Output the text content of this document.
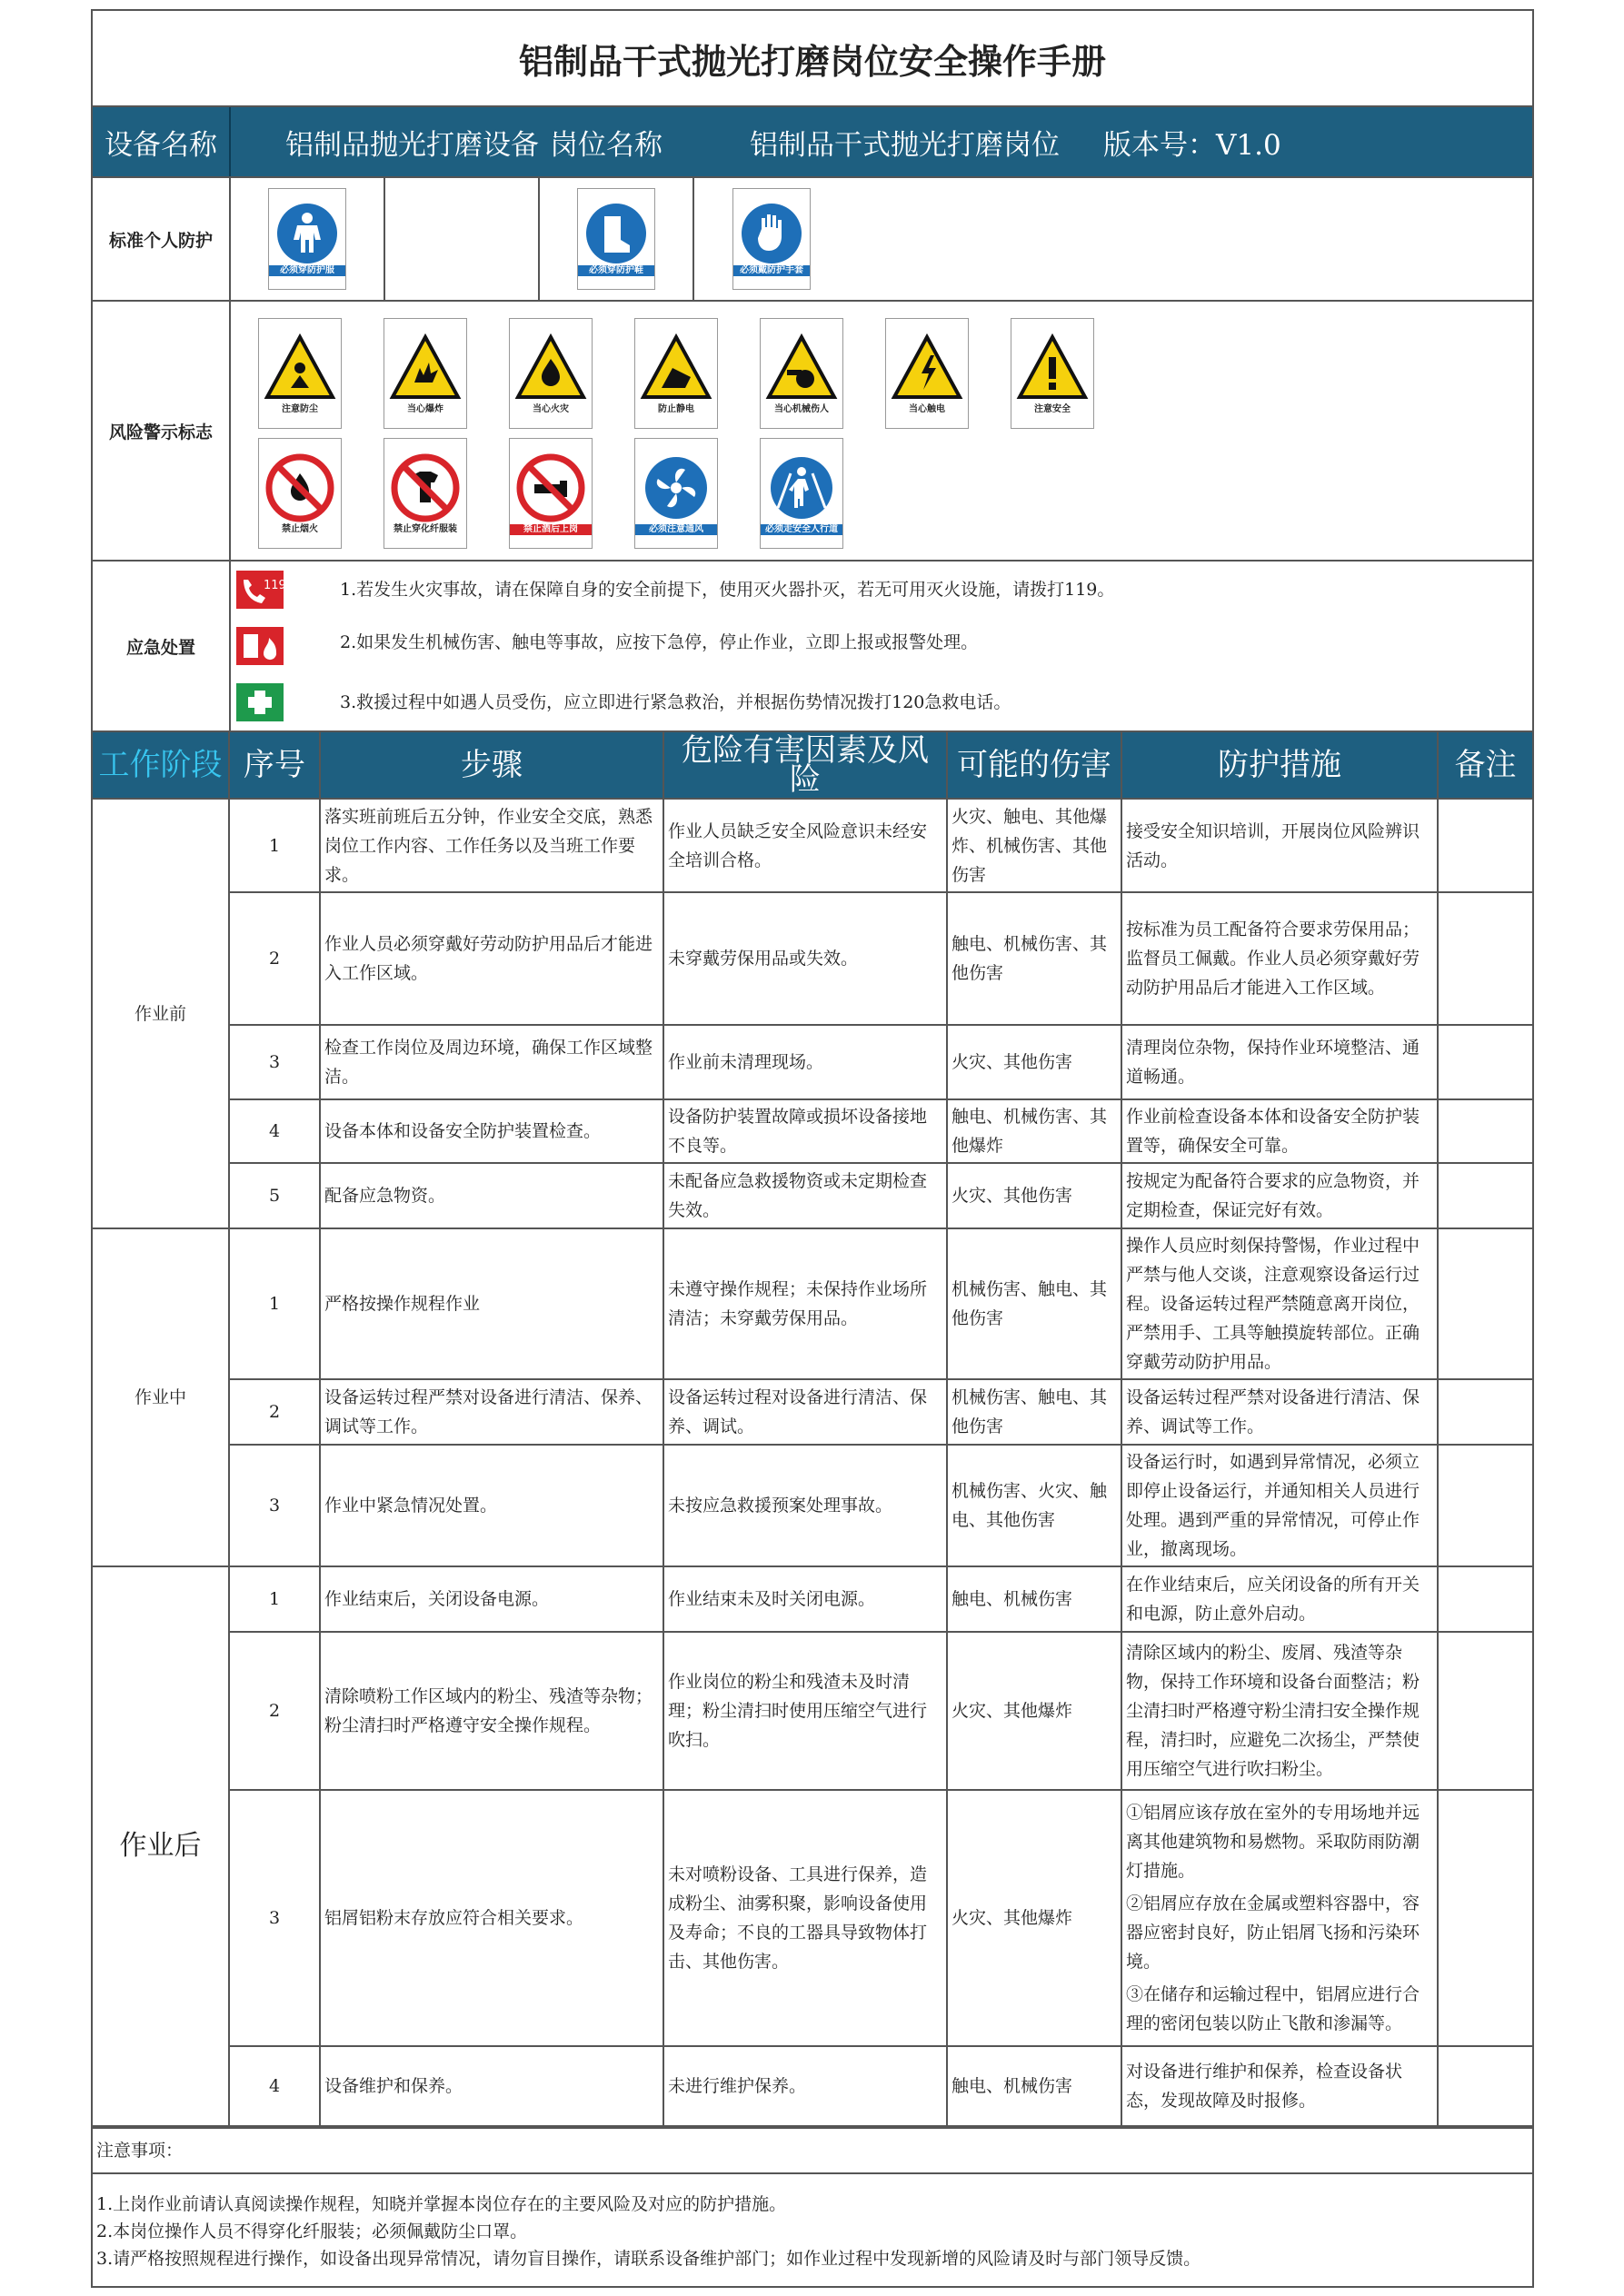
铝制品干式抛光打磨岗位安全操作手册
设备名称	铝制品抛光打磨设备 岗位名称	铝制品干式抛光打磨岗位 版本号：V1.0
标准个人防护
必须穿防护服	必须穿防护鞋	必须戴防护手套
风险警示标志
注意防尘	当心爆炸	当心火灾	防止静电	当心机械伤人	当心触电	注意安全
禁止烟火	禁止穿化纤服装	禁止酒后上岗	必须注意通风	必须走安全人行道
应急处置
119	1.若发生火灾事故，请在保障自身的安全前提下，使用灭火器扑灭，若无可用灭火设施，请拨打119。
2.如果发生机械伤害、触电等事故，应按下急停，停止作业，立即上报或报警处理。
3.救援过程中如遇人员受伤，应立即进行紧急救治，并根据伤势情况拨打120急救电话。
工作阶段	序号	步骤	危险有害因素及风险	可能的伤害	防护措施	备注
作业前	1	落实班前班后五分钟，作业安全交底，熟悉岗位工作内容、工作任务以及当班工作要求。	作业人员缺乏安全风险意识未经安全培训合格。	火灾、触电、其他爆炸、机械伤害、其他伤害	接受安全知识培训，开展岗位风险辨识活动。	
	2	作业人员必须穿戴好劳动防护用品后才能进入工作区域。	未穿戴劳保用品或失效。	触电、机械伤害、其他伤害	按标准为员工配备符合要求劳保用品；监督员工佩戴。作业人员必须穿戴好劳动防护用品后才能进入工作区域。	
	3	检查工作岗位及周边环境，确保工作区域整洁。	作业前未清理现场。	火灾、其他伤害	清理岗位杂物，保持作业环境整洁、通道畅通。	
	4	设备本体和设备安全防护装置检查。	设备防护装置故障或损坏设备接地不良等。	触电、机械伤害、其他爆炸	作业前检查设备本体和设备安全防护装置等，确保安全可靠。	
	5	配备应急物资。	未配备应急救援物资或未定期检查失效。	火灾、其他伤害	按规定为配备符合要求的应急物资，并定期检查，保证完好有效。	
作业中	1	严格按操作规程作业	未遵守操作规程；未保持作业场所清洁；未穿戴劳保用品。	机械伤害、触电、其他伤害	操作人员应时刻保持警惕，作业过程中严禁与他人交谈，注意观察设备运行过程。设备运转过程严禁随意离开岗位，严禁用手、工具等触摸旋转部位。正确穿戴劳动防护用品。	
	2	设备运转过程严禁对设备进行清洁、保养、调试等工作。	设备运转过程对设备进行清洁、保养、调试。	机械伤害、触电、其他伤害	设备运转过程严禁对设备进行清洁、保养、调试等工作。	
	3	作业中紧急情况处置。	未按应急救援预案处理事故。	机械伤害、火灾、触电、其他伤害	设备运行时，如遇到异常情况，必须立即停止设备运行，并通知相关人员进行处理。遇到严重的异常情况，可停止作业，撤离现场。	
作业后	1	作业结束后，关闭设备电源。	作业结束未及时关闭电源。	触电、机械伤害	在作业结束后，应关闭设备的所有开关和电源，防止意外启动。	
	2	清除喷粉工作区域内的粉尘、残渣等杂物；粉尘清扫时严格遵守安全操作规程。	作业岗位的粉尘和残渣未及时清理；粉尘清扫时使用压缩空气进行吹扫。	火灾、其他爆炸	清除区域内的粉尘、废屑、残渣等杂物，保持工作环境和设备台面整洁；粉尘清扫时严格遵守粉尘清扫安全操作规程，清扫时，应避免二次扬尘，严禁使用压缩空气进行吹扫粉尘。	
	3	铝屑铝粉末存放应符合相关要求。	未对喷粉设备、工具进行保养，造成粉尘、油雾积聚，影响设备使用及寿命；不良的工器具导致物体打击、其他伤害。	火灾、其他爆炸	①铝屑应该存放在室外的专用场地并远离其他建筑物和易燃物。采取防雨防潮灯措施。
②铝屑应存放在金属或塑料容器中，容器应密封良好，防止铝屑飞扬和污染环境。
③在储存和运输过程中，铝屑应进行合理的密闭包装以防止飞散和渗漏等。	

	4	设备维护和保养。	未进行维护保养。	触电、机械伤害	对设备进行维护和保养，检查设备状态，发现故障及时报修。	
注意事项：
1.上岗作业前请认真阅读操作规程，知晓并掌握本岗位存在的主要风险及对应的防护措施。
2.本岗位操作人员不得穿化纤服装；必须佩戴防尘口罩。
3.请严格按照规程进行操作，如设备出现异常情况，请勿盲目操作，请联系设备维护部门；如作业过程中发现新增的风险请及时与部门领导反馈。
